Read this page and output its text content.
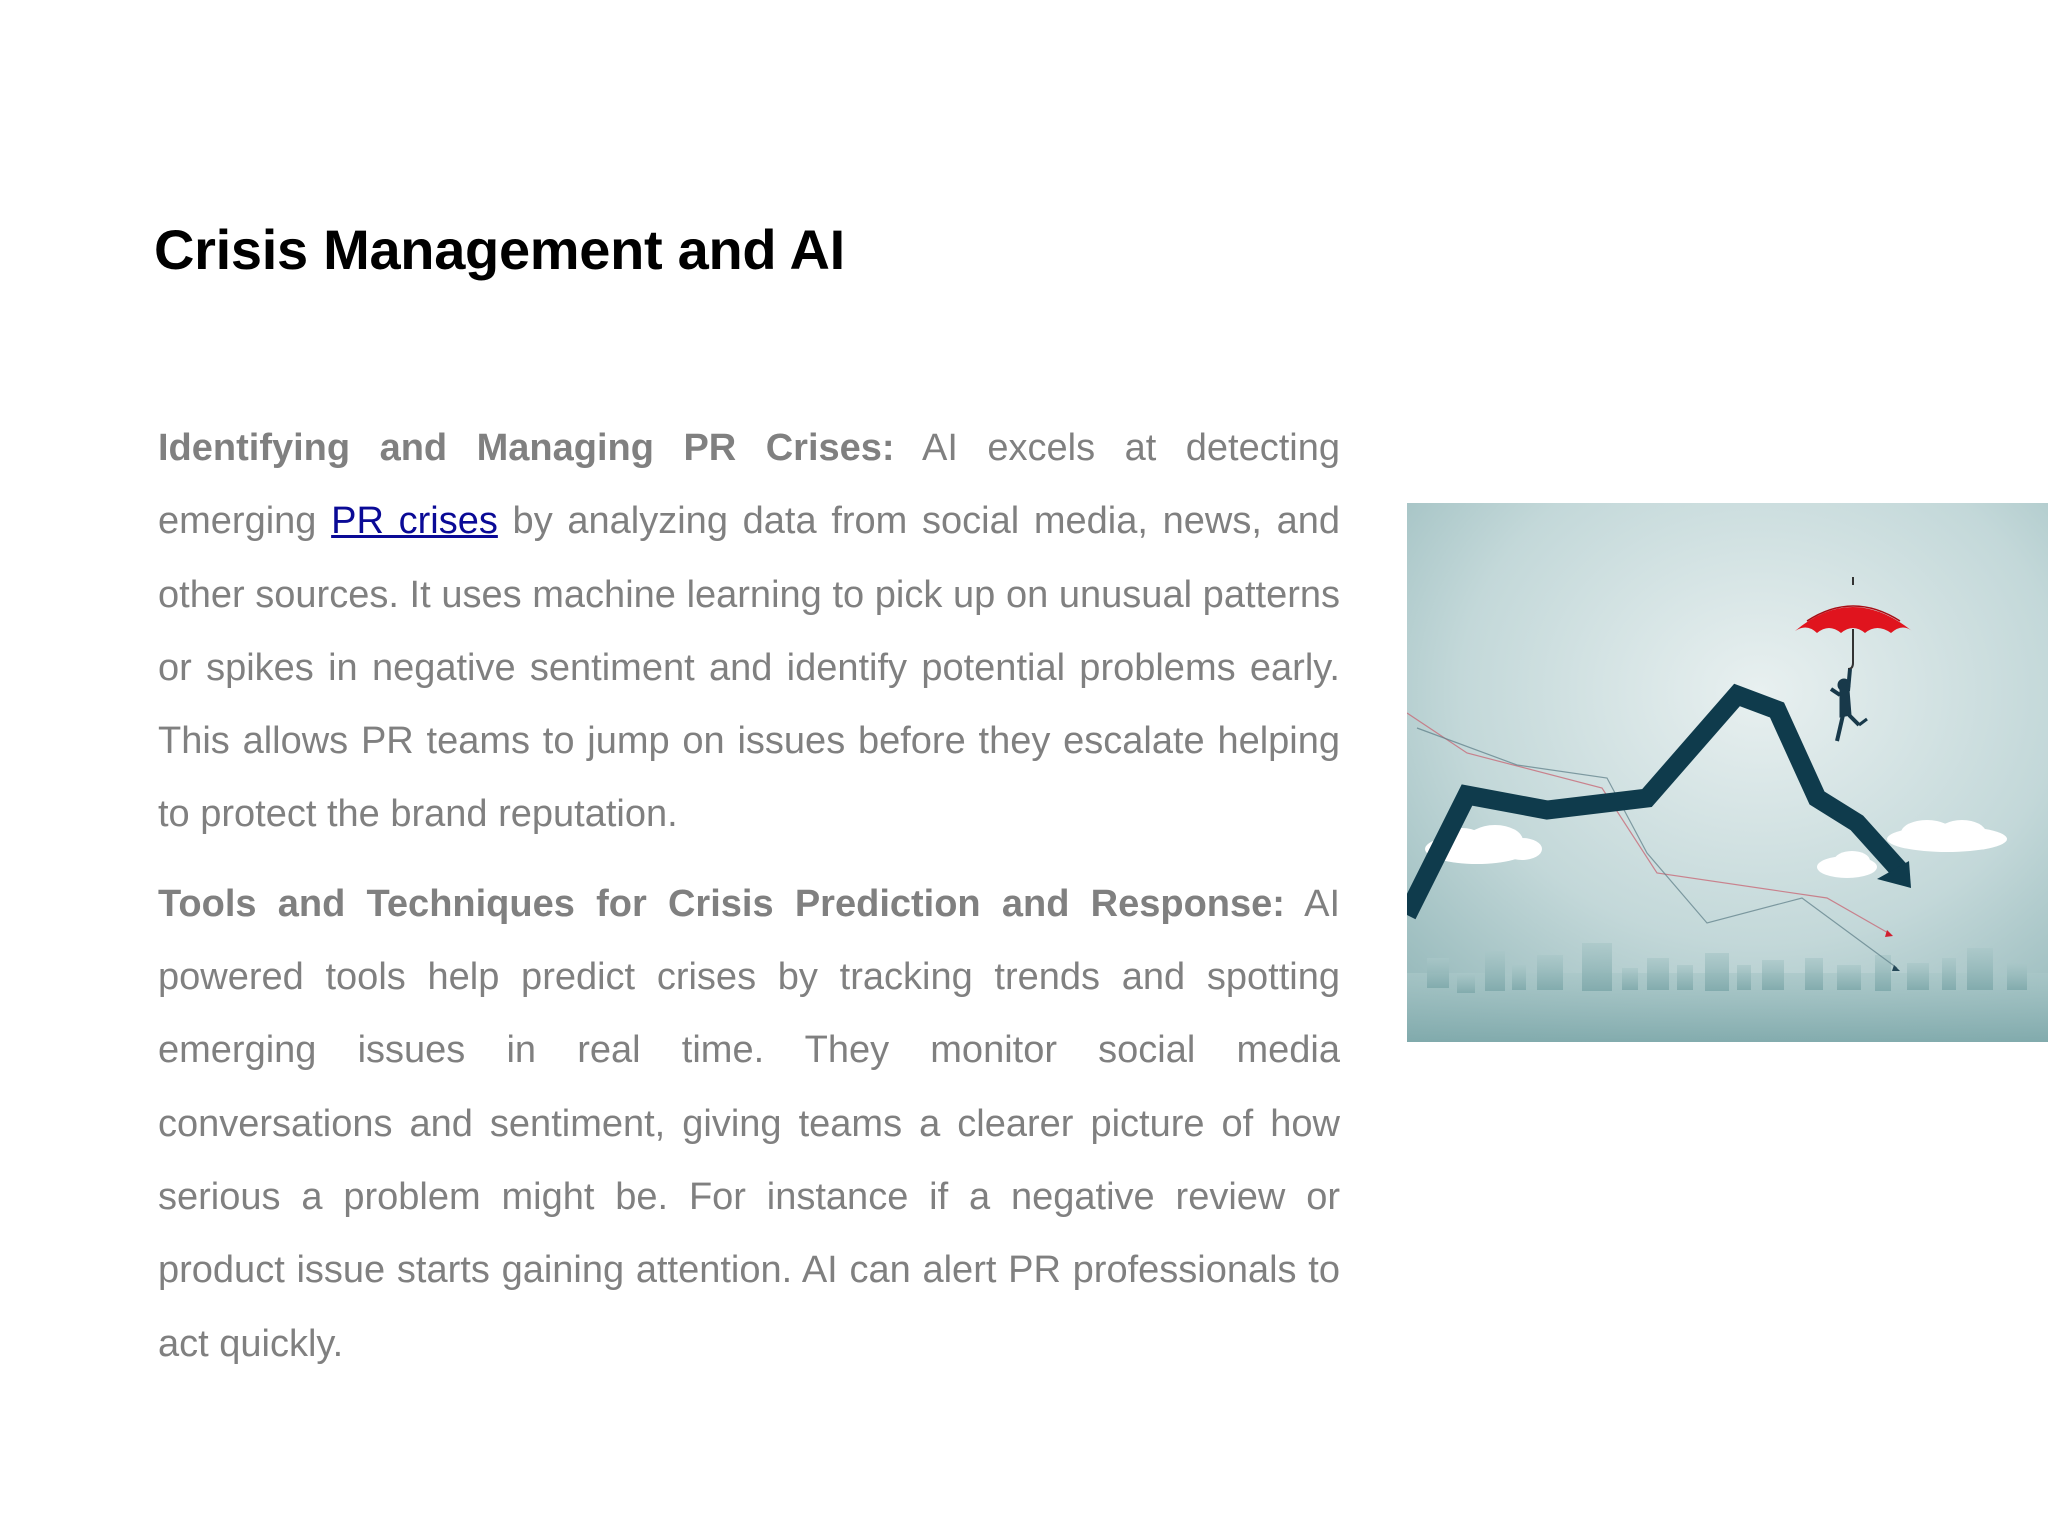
Crisis Management and AI

Identifying and Managing PR Crises: AI excels at detecting emerging PR crises by analyzing data from social media, news, and other sources. It uses machine learning to pick up on unusual patterns or spikes in negative sentiment and identify potential problems early. This allows PR teams to jump on issues before they escalate helping to protect the brand reputation.

Tools and Techniques for Crisis Prediction and Response: AI powered tools help predict crises by tracking trends and spotting emerging issues in real time. They monitor social media conversations and sentiment, giving teams a clearer picture of how serious a problem might be. For instance if a negative review or product issue starts gaining attention. AI can alert PR professionals to act quickly.
